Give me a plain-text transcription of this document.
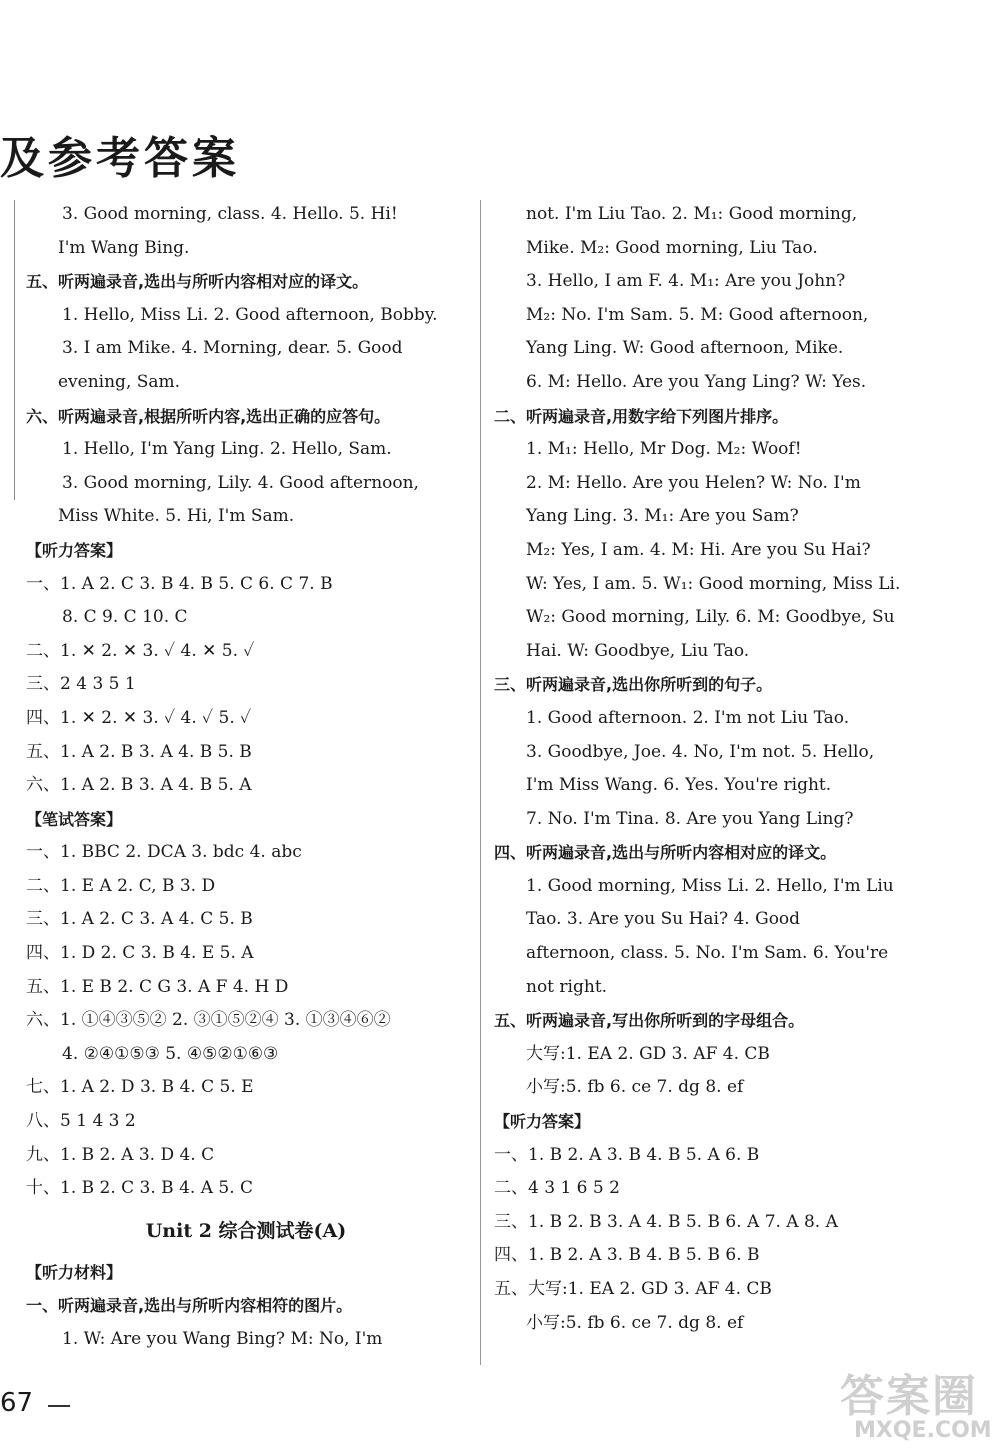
及参考答案
3. Good morning, class. 4. Hello. 5. Hi!
I'm Wang Bing.
五、听两遍录音,选出与所听内容相对应的译文。
1. Hello, Miss Li. 2. Good afternoon, Bobby.
3. I am Mike. 4. Morning, dear. 5. Good
evening, Sam.
六、听两遍录音,根据所听内容,选出正确的应答句。
1. Hello, I'm Yang Ling. 2. Hello, Sam.
3. Good morning, Lily. 4. Good afternoon,
Miss White. 5. Hi, I'm Sam.
【听力答案】
一、1. A 2. C 3. B 4. B 5. C 6. C 7. B
8. C 9. C 10. C
二、1. ✕ 2. ✕ 3. ✓ 4. ✕ 5. ✓
三、2 4 3 5 1
四、1. ✕ 2. ✕ 3. ✓ 4. ✓ 5. ✓
五、1. A 2. B 3. A 4. B 5. B
六、1. A 2. B 3. A 4. B 5. A
【笔试答案】
一、1. BBC 2. DCA 3. bdc 4. abc
二、1. E A 2. C, B 3. D
三、1. A 2. C 3. A 4. C 5. B
四、1. D 2. C 3. B 4. E 5. A
五、1. E B 2. C G 3. A F 4. H D
六、1. ①④③⑤② 2. ③①⑤②④ 3. ①③④⑥②
4. ②④①⑤③ 5. ④⑤②①⑥③
七、1. A 2. D 3. B 4. C 5. E
八、5 1 4 3 2
九、1. B 2. A 3. D 4. C
十、1. B 2. C 3. B 4. A 5. C
Unit 2 综合测试卷(A)
【听力材料】
一、听两遍录音,选出与所听内容相符的图片。
1. W: Are you Wang Bing? M: No, I'm
not. I'm Liu Tao. 2. M₁: Good morning,
Mike. M₂: Good morning, Liu Tao.
3. Hello, I am F. 4. M₁: Are you John?
M₂: No. I'm Sam. 5. M: Good afternoon,
Yang Ling. W: Good afternoon, Mike.
6. M: Hello. Are you Yang Ling? W: Yes.
二、听两遍录音,用数字给下列图片排序。
1. M₁: Hello, Mr Dog. M₂: Woof!
2. M: Hello. Are you Helen? W: No. I'm
Yang Ling. 3. M₁: Are you Sam?
M₂: Yes, I am. 4. M: Hi. Are you Su Hai?
W: Yes, I am. 5. W₁: Good morning, Miss Li.
W₂: Good morning, Lily. 6. M: Goodbye, Su
Hai. W: Goodbye, Liu Tao.
三、听两遍录音,选出你所听到的句子。
1. Good afternoon. 2. I'm not Liu Tao.
3. Goodbye, Joe. 4. No, I'm not. 5. Hello,
I'm Miss Wang. 6. Yes. You're right.
7. No. I'm Tina. 8. Are you Yang Ling?
四、听两遍录音,选出与所听内容相对应的译文。
1. Good morning, Miss Li. 2. Hello, I'm Liu
Tao. 3. Are you Su Hai? 4. Good
afternoon, class. 5. No. I'm Sam. 6. You're
not right.
五、听两遍录音,写出你所听到的字母组合。
大写:1. EA 2. GD 3. AF 4. CB
小写:5. fb 6. ce 7. dg 8. ef
【听力答案】
一、1. B 2. A 3. B 4. B 5. A 6. B
二、4 3 1 6 5 2
三、1. B 2. B 3. A 4. B 5. B 6. A 7. A 8. A
四、1. B 2. A 3. B 4. B 5. B 6. B
五、大写:1. EA 2. GD 3. AF 4. CB
小写:5. fb 6. ce 7. dg 8. ef
67	答案圈
MXQE.COM
